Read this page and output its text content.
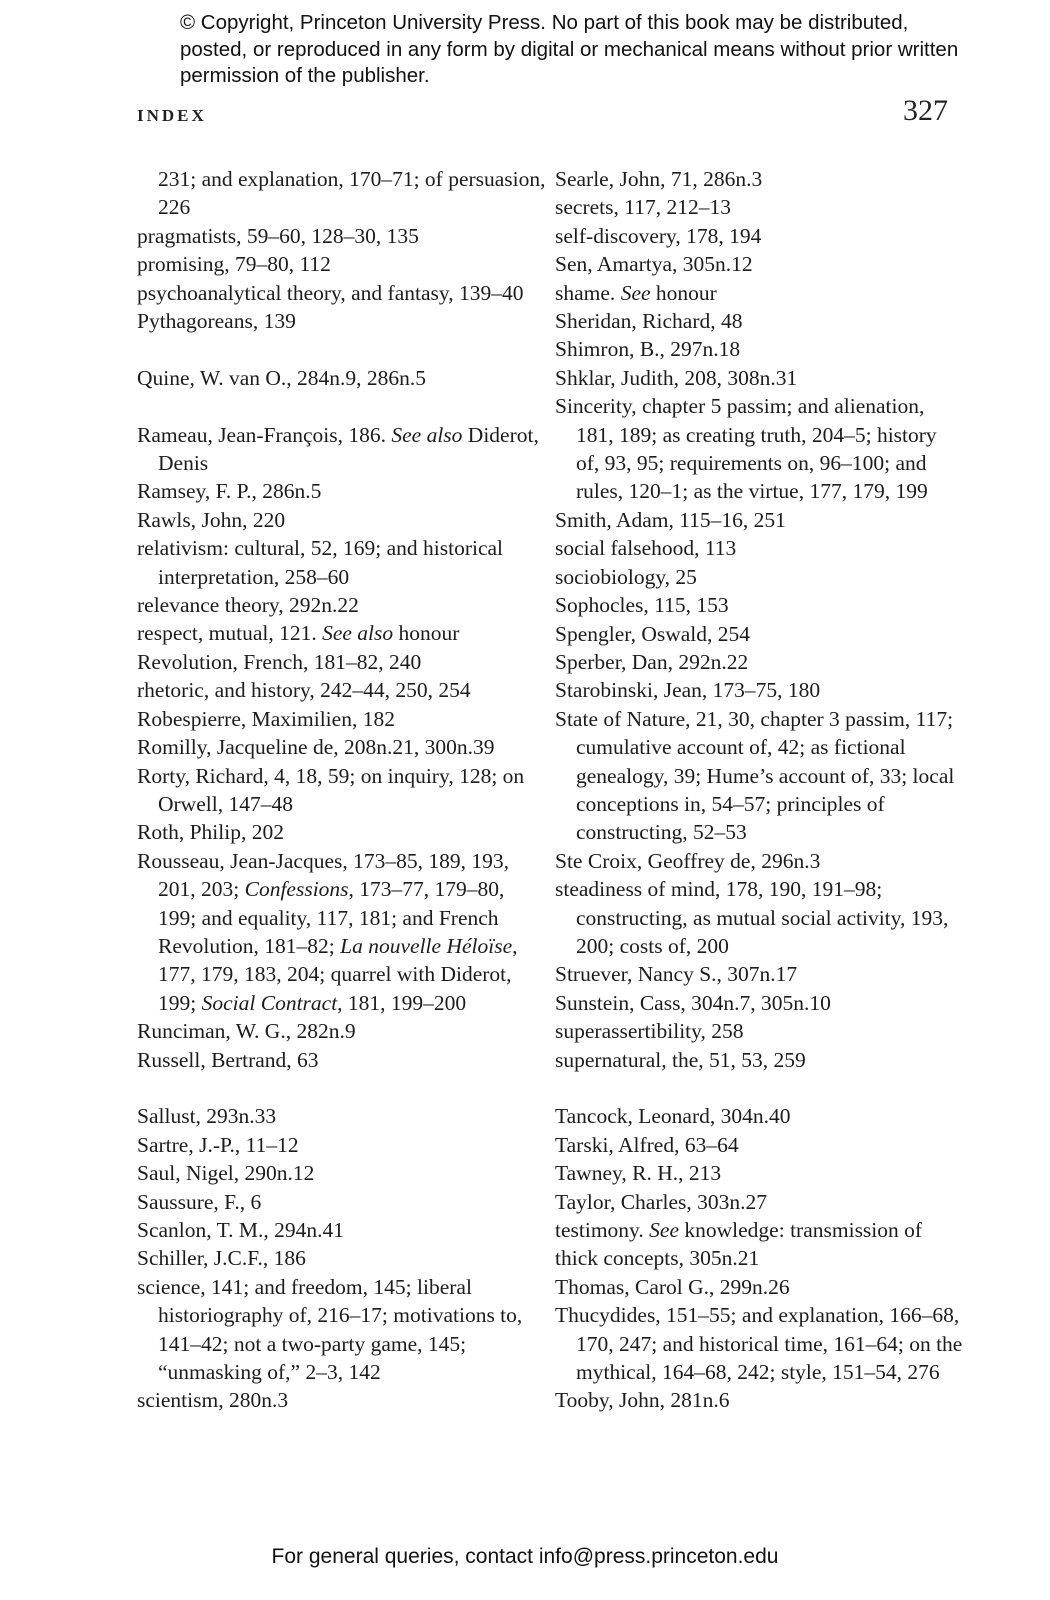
© Copyright, Princeton University Press. No part of this book may be distributed, posted, or reproduced in any form by digital or mechanical means without prior written permission of the publisher.
INDEX	327

231; and explanation, 170–71; of persuasion, 226

pragmatists, 59–60, 128–30, 135

promising, 79–80, 112

psychoanalytical theory, and fantasy, 139–40

Pythagoreans, 139

Quine, W. van O., 284n.9, 286n.5

Rameau, Jean-François, 186. See also Diderot, Denis

Ramsey, F. P., 286n.5

Rawls, John, 220

relativism: cultural, 52, 169; and historical interpretation, 258–60

relevance theory, 292n.22

respect, mutual, 121. See also honour

Revolution, French, 181–82, 240

rhetoric, and history, 242–44, 250, 254

Robespierre, Maximilien, 182

Romilly, Jacqueline de, 208n.21, 300n.39

Rorty, Richard, 4, 18, 59; on inquiry, 128; on Orwell, 147–48

Roth, Philip, 202

Rousseau, Jean-Jacques, 173–85, 189, 193, 201, 203; Confessions, 173–77, 179–80, 199; and equality, 117, 181; and French Revolution, 181–82; La nouvelle Héloïse, 177, 179, 183, 204; quarrel with Diderot, 199; Social Contract, 181, 199–200

Runciman, W. G., 282n.9

Russell, Bertrand, 63

Sallust, 293n.33

Sartre, J.-P., 11–12

Saul, Nigel, 290n.12

Saussure, F., 6

Scanlon, T. M., 294n.41

Schiller, J.C.F., 186

science, 141; and freedom, 145; liberal historiography of, 216–17; motivations to, 141–42; not a two-party game, 145; “unmasking of,” 2–3, 142

scientism, 280n.3

Searle, John, 71, 286n.3

secrets, 117, 212–13

self-discovery, 178, 194

Sen, Amartya, 305n.12

shame. See honour

Sheridan, Richard, 48

Shimron, B., 297n.18

Shklar, Judith, 208, 308n.31

Sincerity, chapter 5 passim; and alienation, 181, 189; as creating truth, 204–5; history of, 93, 95; requirements on, 96–100; and rules, 120–1; as the virtue, 177, 179, 199

Smith, Adam, 115–16, 251

social falsehood, 113

sociobiology, 25

Sophocles, 115, 153

Spengler, Oswald, 254

Sperber, Dan, 292n.22

Starobinski, Jean, 173–75, 180

State of Nature, 21, 30, chapter 3 passim, 117; cumulative account of, 42; as fictional genealogy, 39; Hume’s account of, 33; local conceptions in, 54–57; principles of constructing, 52–53

Ste Croix, Geoffrey de, 296n.3

steadiness of mind, 178, 190, 191–98; constructing, as mutual social activity, 193, 200; costs of, 200

Struever, Nancy S., 307n.17

Sunstein, Cass, 304n.7, 305n.10

superassertibility, 258

supernatural, the, 51, 53, 259

Tancock, Leonard, 304n.40

Tarski, Alfred, 63–64

Tawney, R. H., 213

Taylor, Charles, 303n.27

testimony. See knowledge: transmission of

thick concepts, 305n.21

Thomas, Carol G., 299n.26

Thucydides, 151–55; and explanation, 166–68, 170, 247; and historical time, 161–64; on the mythical, 164–68, 242; style, 151–54, 276

Tooby, John, 281n.6

For general queries, contact info@press.princeton.edu
